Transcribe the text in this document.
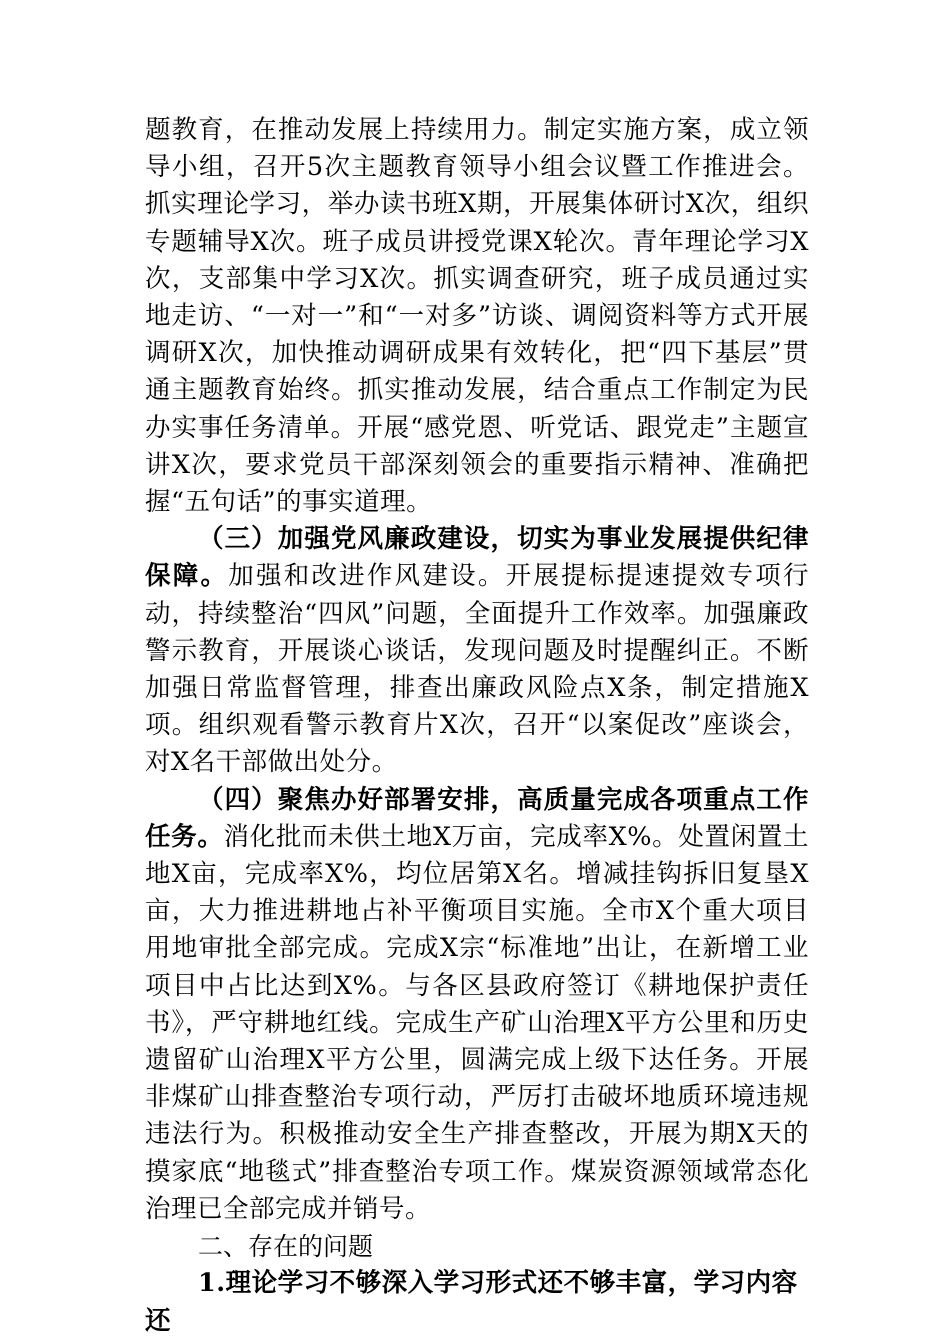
题教育，在推动发展上持续用力。制定实施方案，成立领导小组，召开5次主题教育领导小组会议暨工作推进会。抓实理论学习，举办读书班X期，开展集体研讨X次，组织专题辅导X次。班子成员讲授党课X轮次。青年理论学习X次，支部集中学习X次。抓实调查研究，班子成员通过实地走访、“一对一”和“一对多”访谈、调阅资料等方式开展调研X次，加快推动调研成果有效转化，把“四下基层”贯通主题教育始终。抓实推动发展，结合重点工作制定为民办实事任务清单。开展“感党恩、听党话、跟党走”主题宣讲X次，要求党员干部深刻领会的重要指示精神、准确把握“五句话”的事实道理。

（三）加强党风廉政建设，切实为事业发展提供纪律保障。加强和改进作风建设。开展提标提速提效专项行动，持续整治“四风”问题，全面提升工作效率。加强廉政警示教育，开展谈心谈话，发现问题及时提醒纠正。不断加强日常监督管理，排查出廉政风险点X条，制定措施X项。组织观看警示教育片X次，召开“以案促改”座谈会，对X名干部做出处分。

（四）聚焦办好部署安排，高质量完成各项重点工作任务。消化批而未供土地X万亩，完成率X%。处置闲置土地X亩，完成率X%，均位居第X名。增减挂钩拆旧复垦X亩，大力推进耕地占补平衡项目实施。全市X个重大项目用地审批全部完成。完成X宗“标准地”出让，在新增工业项目中占比达到X%。与各区县政府签订《耕地保护责任书》，严守耕地红线。完成生产矿山治理X平方公里和历史遗留矿山治理X平方公里，圆满完成上级下达任务。开展非煤矿山排查整治专项行动，严厉打击破坏地质环境违规违法行为。积极推动安全生产排查整改，开展为期X天的摸家底“地毯式”排查整治专项工作。煤炭资源领域常态化治理已全部完成并销号。

二、存在的问题

1.理论学习不够深入学习形式还不够丰富，学习内容还
